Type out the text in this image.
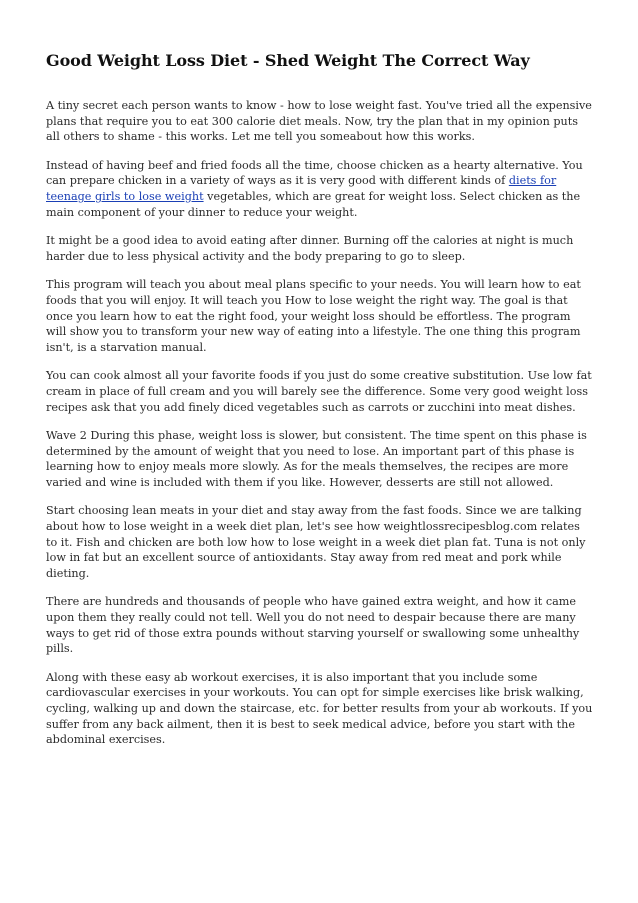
Good Weight Loss Diet - Shed Weight The Correct Way

A tiny secret each person wants to know - how to lose weight fast. You've tried all the expensive plans that require you to eat 300 calorie diet meals. Now, try the plan that in my opinion puts all others to shame - this works. Let me tell you someabout how this works.

Instead of having beef and fried foods all the time, choose chicken as a hearty alternative. You can prepare chicken in a variety of ways as it is very good with different kinds of diets for teenage girls to lose weight vegetables, which are great for weight loss. Select chicken as the main component of your dinner to reduce your weight.

It might be a good idea to avoid eating after dinner. Burning off the calories at night is much harder due to less physical activity and the body preparing to go to sleep.

This program will teach you about meal plans specific to your needs. You will learn how to eat foods that you will enjoy. It will teach you How to lose weight the right way. The goal is that once you learn how to eat the right food, your weight loss should be effortless. The program will show you to transform your new way of eating into a lifestyle. The one thing this program isn't, is a starvation manual.

You can cook almost all your favorite foods if you just do some creative substitution. Use low fat cream in place of full cream and you will barely see the difference. Some very good weight loss recipes ask that you add finely diced vegetables such as carrots or zucchini into meat dishes.

Wave 2 During this phase, weight loss is slower, but consistent. The time spent on this phase is determined by the amount of weight that you need to lose. An important part of this phase is learning how to enjoy meals more slowly. As for the meals themselves, the recipes are more varied and wine is included with them if you like. However, desserts are still not allowed.

Start choosing lean meats in your diet and stay away from the fast foods. Since we are talking about how to lose weight in a week diet plan, let's see how weightlossrecipesblog.com relates to it. Fish and chicken are both low how to lose weight in a week diet plan fat. Tuna is not only low in fat but an excellent source of antioxidants. Stay away from red meat and pork while dieting.

There are hundreds and thousands of people who have gained extra weight, and how it came upon them they really could not tell. Well you do not need to despair because there are many ways to get rid of those extra pounds without starving yourself or swallowing some unhealthy pills.

Along with these easy ab workout exercises, it is also important that you include some cardiovascular exercises in your workouts. You can opt for simple exercises like brisk walking, cycling, walking up and down the staircase, etc. for better results from your ab workouts. If you suffer from any back ailment, then it is best to seek medical advice, before you start with the abdominal exercises.
